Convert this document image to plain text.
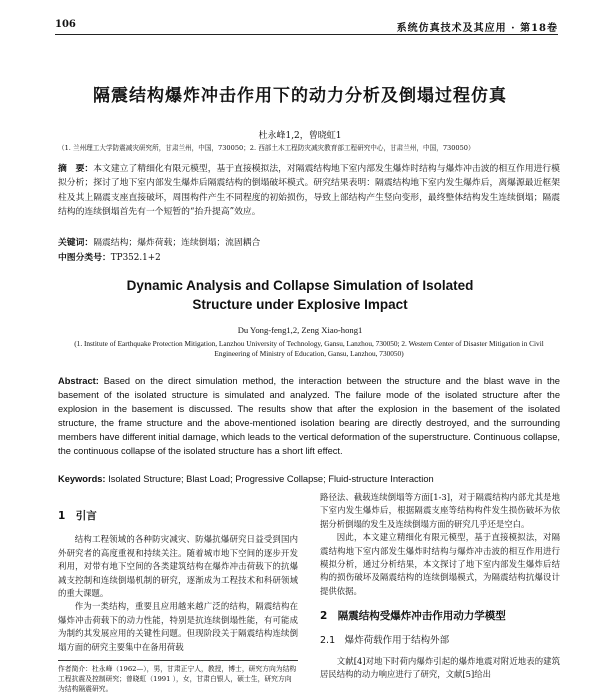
106	系统仿真技术及其应用 · 第18卷
隔震结构爆炸冲击作用下的动力分析及倒塌过程仿真
杜永峰1,2，曾晓虹1
（1. 兰州理工大学防震减灾研究所，甘肃兰州，中国，730050；2. 西部土木工程防灾减灾教育部工程研究中心，甘肃兰州，中国，730050）
摘　要：本文建立了精细化有限元模型，基于直接模拟法，对隔震结构地下室内部发生爆炸时结构与爆炸冲击波的相互作用进行模拟分析；探讨了地下室内部发生爆炸后隔震结构的倒塌破坏模式。研究结果表明：隔震结构地下室内发生爆炸后，离爆源最近框架柱及其上隔震支座直接破坏，周围构件产生不同程度的初始损伤，导致上部结构产生竖向变形，最终整体结构发生连续倒塌；隔震结构的连续倒塌首先有一个短暂的“抬升提高”效应。
关键词：隔震结构；爆炸荷载；连续倒塌；流固耦合
中图分类号：TP352.1+2
Dynamic Analysis and Collapse Simulation of Isolated
Structure under Explosive Impact
Du Yong-feng1,2, Zeng Xiao-hong1
(1. Institute of Earthquake Protection Mitigation, Lanzhou University of Technology, Gansu, Lanzhou, 730050; 2. Western Center of Disaster Mitigation in Civil Engineering of Ministry of Education, Gansu, Lanzhou, 730050)
Abstract: Based on the direct simulation method, the interaction between the structure and the blast wave in the basement of the isolated structure is simulated and analyzed. The failure mode of the isolated structure after the explosion in the basement is discussed. The results show that after the explosion in the basement of the isolated structure, the frame structure and the above-mentioned isolation bearing are directly destroyed, and the surrounding members have different initial damage, which leads to the vertical deformation of the superstructure. Continuous collapse, the continuous collapse of the isolated structure has a short lift effect.
Keywords: Isolated Structure; Blast Load; Progressive Collapse; Fluid-structure Interaction
1　引言

结构工程领域的各种防灾减灾、防爆抗爆研究日益受到国内外研究者的高度重视和持续关注。随着城市地下空间的逐步开发利用，对带有地下空间的各类建筑结构在爆炸冲击荷载下的抗爆减支控制和连续倒塌机制的研究，逐渐成为工程技术和科研领域的重大课题。

作为一类结构，重要且应用越来越广泛的结构，隔震结构在爆炸冲击荷载下的动力性能，特别是抗连续倒塌性能，有可能成为制约其发展应用的关键性问题。但现阶段关于隔震结构连续倒塌方面的研究主要集中在备用荷载

路径法、截载连续倒塌等方面[1-3]，对于隔震结构内部尤其是地下室内发生爆炸后，根据隔震支座等结构构件发生损伤破坏为依据分析倒塌的发生及连续倒塌方面的研究几乎还是空白。

因此，本文建立精细化有限元模型，基于直接模拟法，对隔震结构地下室内部发生爆炸时结构与爆炸冲击波的相互作用进行模拟分析，通过分析结果，本文探讨了地下室内部发生爆炸后结构的损伤破坏及隔震结构的连续倒塌模式，为隔震结构抗爆设计提供依据。

2　隔震结构受爆炸冲击作用动力学模型
2.1　爆炸荷载作用于结构外部

文献[4]对地下时荷内爆炸引起的爆炸地震对附近地表的建筑居民结构的动力响应进行了研究，文献[5]给出

作者简介：杜永峰（1962—），男，甘肃正宁人，教授，博士，研究方向为结构工程抗震及控制研究；曾晓虹（1991 ），女，甘肃白银人，硕士生，研究方向为结构隔震研究。
